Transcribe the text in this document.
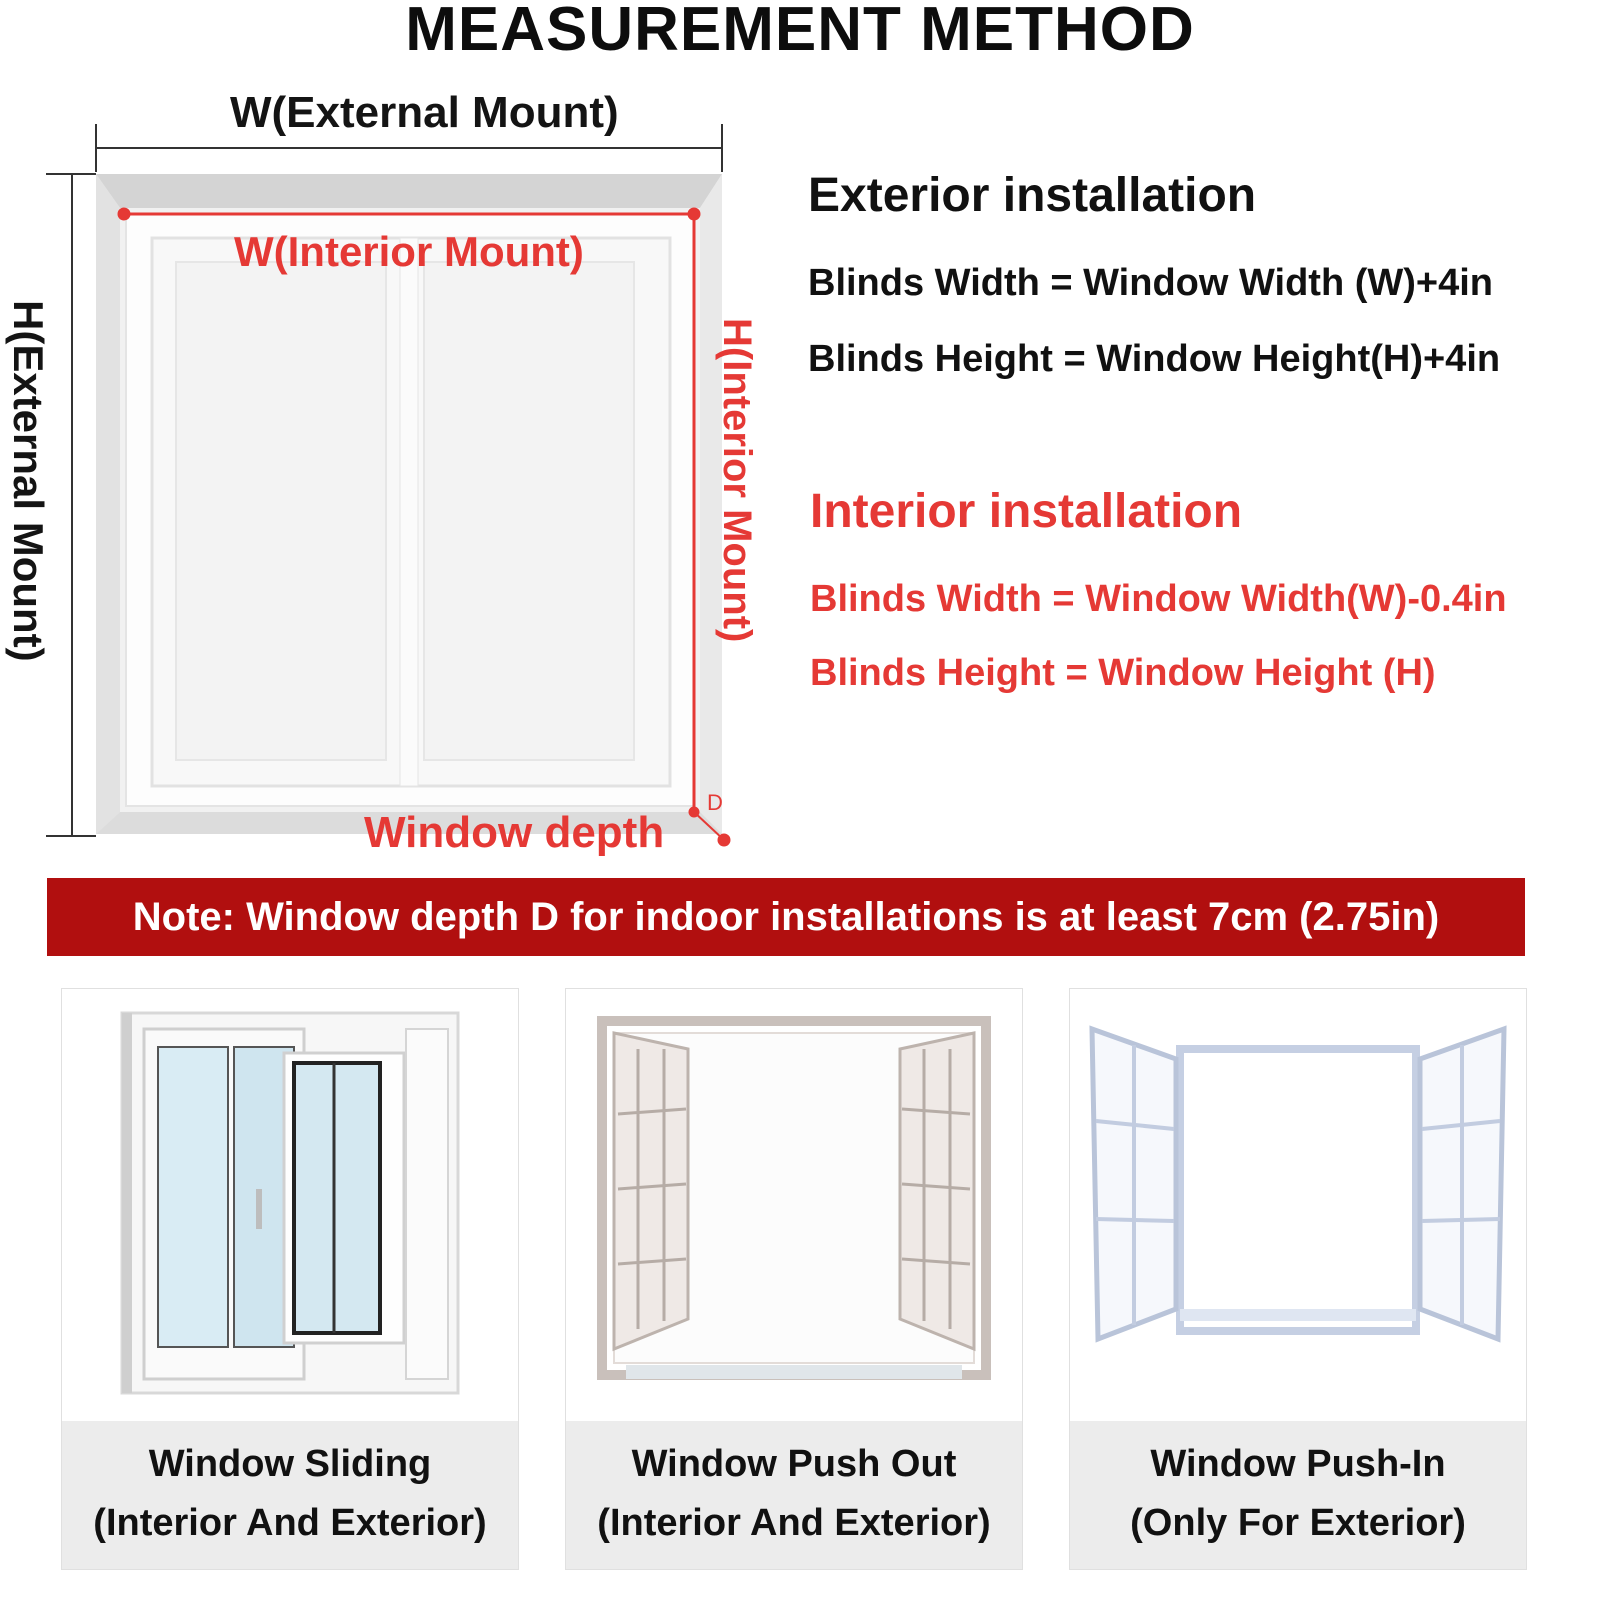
MEASUREMENT METHOD
W(External Mount)
W(Interior Mount)
H(External Mount)	H(Interior Mount)
Window depth
D
Exterior installation
Blinds Width = Window Width (W)+4in
Blinds Height = Window Height(H)+4in
Interior installation
Blinds Width = Window Width(W)-0.4in
Blinds Height = Window Height (H)
Note: Window depth D for indoor installations is at least 7cm (2.75in)
Window Sliding
(Interior And Exterior)
Window Push Out
(Interior And Exterior)
Window Push-In
(Only For Exterior)
